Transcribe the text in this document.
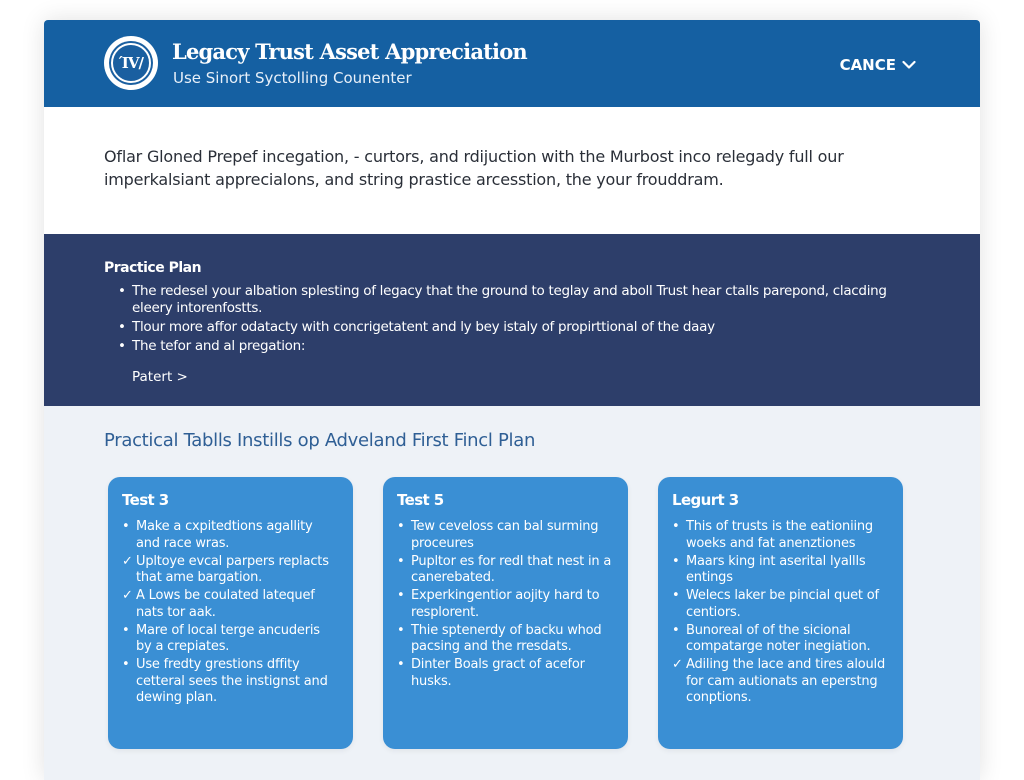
ΊV/	Legacy Trust Asset Appreciation
Use Sinort Syctolling Counenter
CANCE

Oflar Gloned Prepef incegation, - curtors, and rdijuction with the Murbost inco relegady full our imperkalsiant apprecialons, and string prastice arcesstion, the your frouddram.

Practice Plan
• The redesel your albation splesting of legacy that the ground to teglay and aboll Trust hear ctalls parepond, clacding eleery intorenfostts.
• Tlour more affor odatacty with concrigetatent and ly bey istaly of propirttional of the daay
• The tefor and al pregation:
Patert >
Practical Tablls Instills op Adveland First Fincl Plan
Test 3
• Make a cxpitedtions agallity and race wras.
✓ Upltoye evcal parpers replacts that ame bargation.
✓ A Lows be coulated latequef nats tor aak.
• Mare of local terge ancuderis by a crepiates.
• Use fredty grestions dffity cetteral sees the instignst and dewing plan.
Test 5
• Tew ceveloss can bal surming proceures
• Pupltor es for redl that nest in a canerebated.
• Experkingentior aojity hard to resplorent.
• Thie sptenerdy of backu whod pacsing and the rresdats.
• Dinter Boals gract of acefor husks.
Legurt 3
• This of trusts is the eationiing woeks and fat anenztiones
• Maars king int aserital lyallls entings
• Welecs laker be pincial quet of centiors.
• Bunoreal of of the sicional compatarge noter inegiation.
✓ Adiling the lace and tires alould for cam autionats an eperstng conptions.
